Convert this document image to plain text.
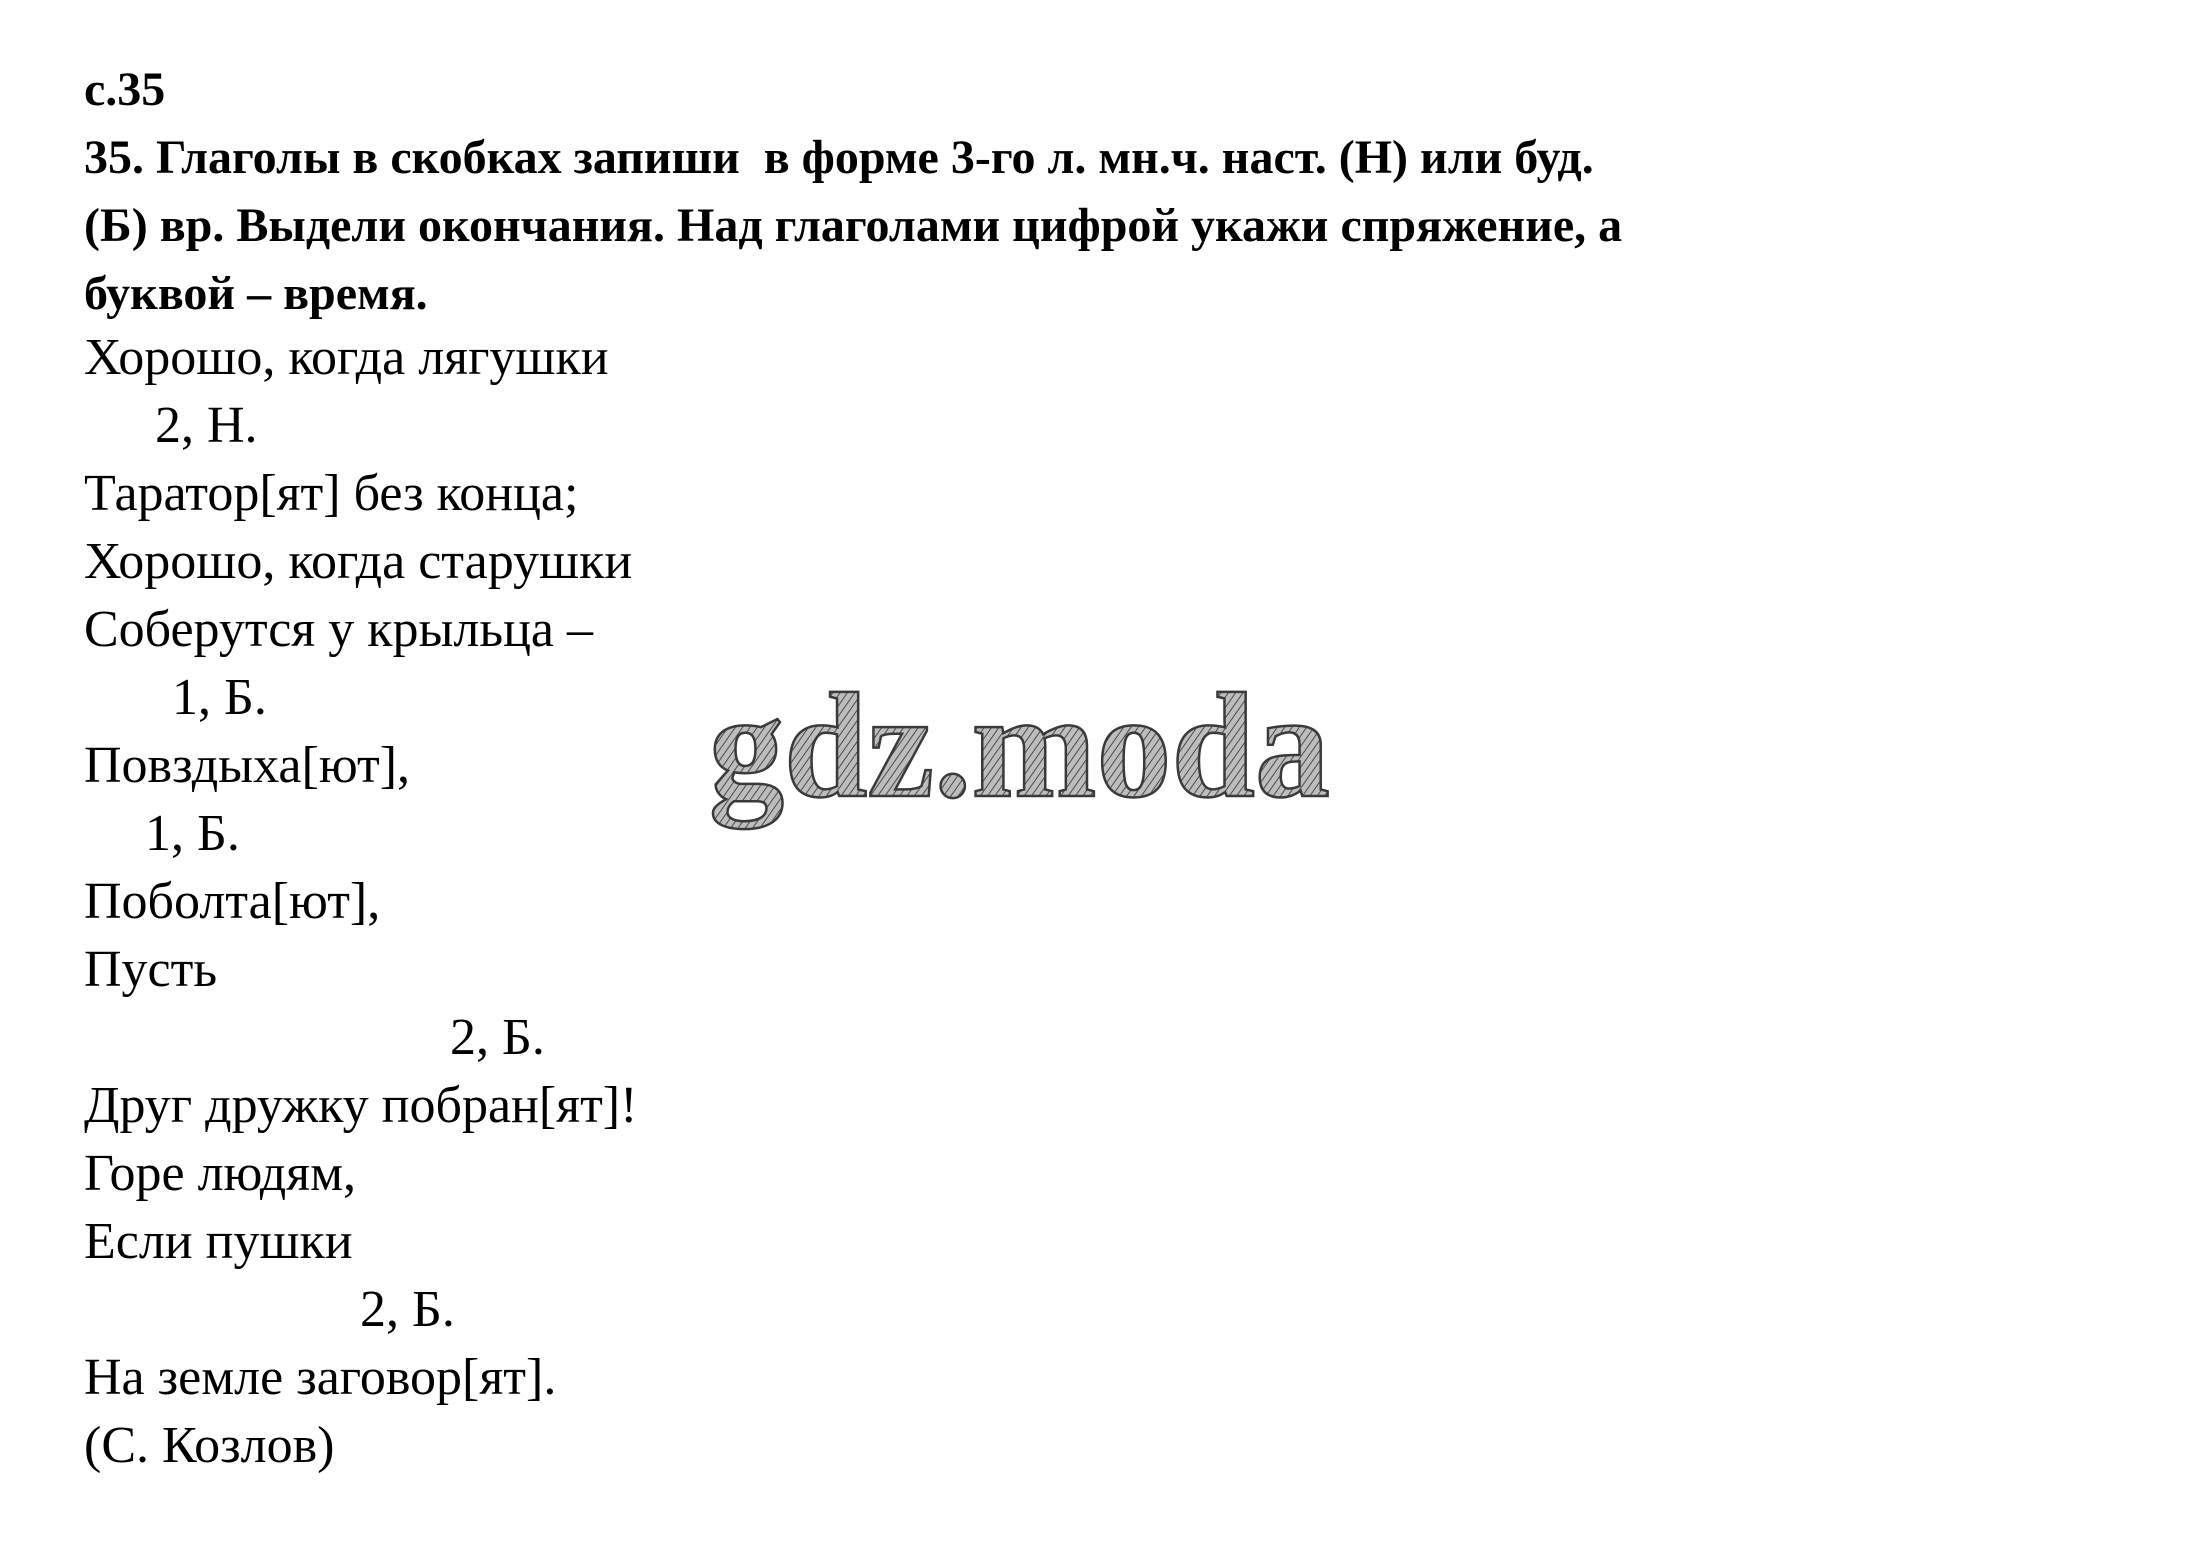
с.35
35. Глаголы в скобках запиши  в форме 3-го л. мн.ч. наст. (Н) или буд.
(Б) вр. Выдели окончания. Над глаголами цифрой укажи спряжение, а
буквой – время.
Хорошо, когда лягушки
2, Н.
Таратор[ят] без конца;
Хорошо, когда старушки
Соберутся у крыльца –
1, Б.
Повздыха[ют],
1, Б.
Поболта[ют],
Пусть
2, Б.
Друг дружку побран[ят]!
Горе людям,
Если пушки
2, Б.
На земле заговор[ят].
(С. Козлов)
gdz.moda
